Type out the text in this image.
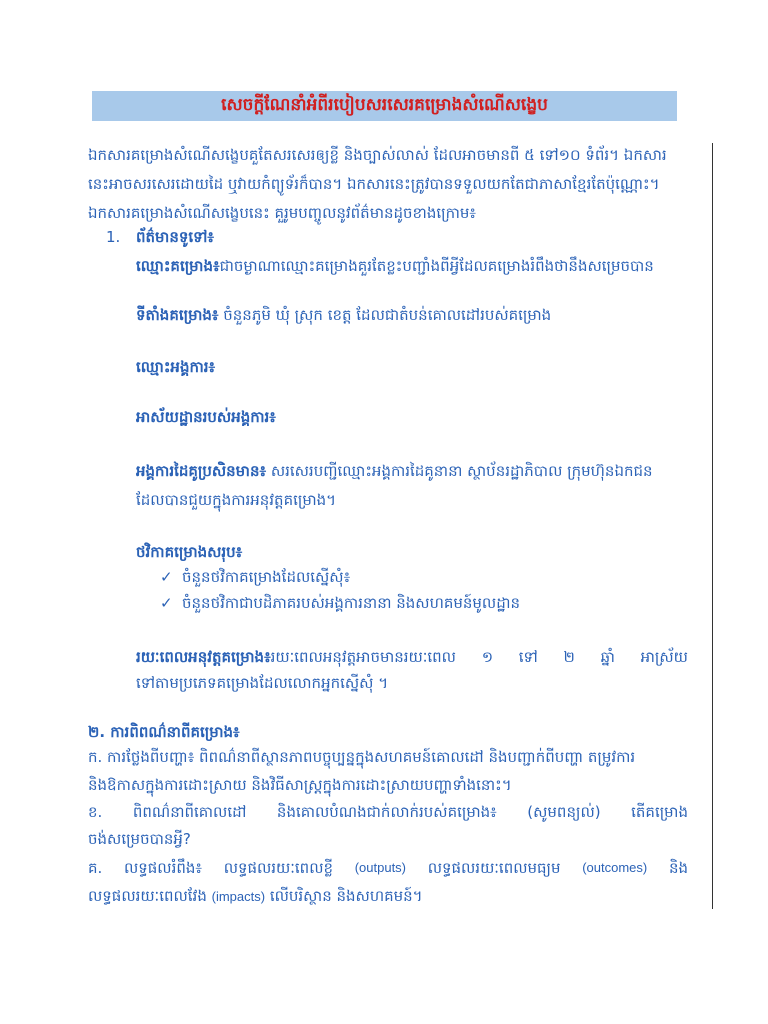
សេចក្តីណែនាំអំពីរបៀបសរសេរគម្រោងសំណើសង្ខេប
ឯកសារគម្រោងសំណើសង្ខេបគួតែសរសេរឲ្យខ្លី និងច្បាស់លាស់ ដែលអាចមានពី ៥ ទៅ១០ ទំព័រ។ ឯកសារ
នេះអាចសរសេរដោយដៃ ឬវាយកំព្យូទ័រក៏បាន។ ឯកសារនេះត្រូវបានទទួលយកតែជាភាសាខ្មែរតែប៉ុណ្ណោះ។
ឯកសារគម្រោងសំណើសង្ខេបនេះ គួរូមបញ្ចូលនូវព័ត៌មានដូចខាងក្រោម៖
1. ព័ត៌មានទូទៅ៖
ឈ្មោះគម្រោង៖ជាចម្ងាណាឈ្មោះគម្រោងគួរតែខ្លះបញ្ជាំងពីអ្វីដែលគម្រោងរំពឹងថានឹងសម្រេចបាន
ទីតាំងគម្រោង៖ ចំនួនភូមិ ឃុំ ស្រុក ខេត្ត ដែលជាតំបន់គោលដៅរបស់គម្រោង
ឈ្មោះអង្គការ៖
អាស័យដ្ឋានរបស់អង្គការ៖
អង្គការដៃគូប្រសិនមាន៖ សរសេរបញ្ជីឈ្មោះអង្គការដៃគូនានា ស្ថាប័នរដ្ឋាភិបាល ក្រុមហ៊ុនឯកជន
ដែលបានជួយក្នុងការអនុវត្តគម្រោង។
ថវិកាគម្រោងសរុប៖
✓ ចំនួនថវិកាគម្រោងដែលស្នើសុំ៖
✓ ចំនួនថវិកាជាបដិភាគរបស់អង្គការនានា និងសហគមន៍មូលដ្ឋាន
រយៈពេលអនុវត្តគម្រោង៖រយៈពេលអនុវត្តអាចមានរយៈពេល ១ ទៅ ២ ឆ្នាំ អាស្រ័យ
ទៅតាមប្រភេទគម្រោងដែលលោកអ្នកស្នើសុំ ។
២. ការពិពណ៌នាពីគម្រោង៖
ក. ការថ្លែងពីបញ្ហា៖ ពិពណ៌នាពីស្ថានភាពបច្ចុប្បន្នក្នុងសហគមន៍គោលដៅ និងបញ្ជាក់ពីបញ្ហា តម្រូវការ
និងឱកាសក្នុងការដោះស្រាយ និងវិធីសាស្ត្រក្នុងការដោះស្រាយបញ្ហាទាំងនោះ។
ខ. ពិពណ៌នាពីគោលដៅ និងគោលបំណងជាក់លាក់របស់គម្រោង៖ (សូមពន្យល់) តើគម្រោង
ចង់សម្រេចបានអ្វី?
គ. លទ្ធផលរំពឹង៖ លទ្ធផលរយៈពេលខ្លី (outputs) លទ្ធផលរយៈពេលមធ្យម (outcomes) និង
លទ្ធផលរយៈពេលវែង (impacts) លើបរិស្ថាន និងសហគមន៍។
